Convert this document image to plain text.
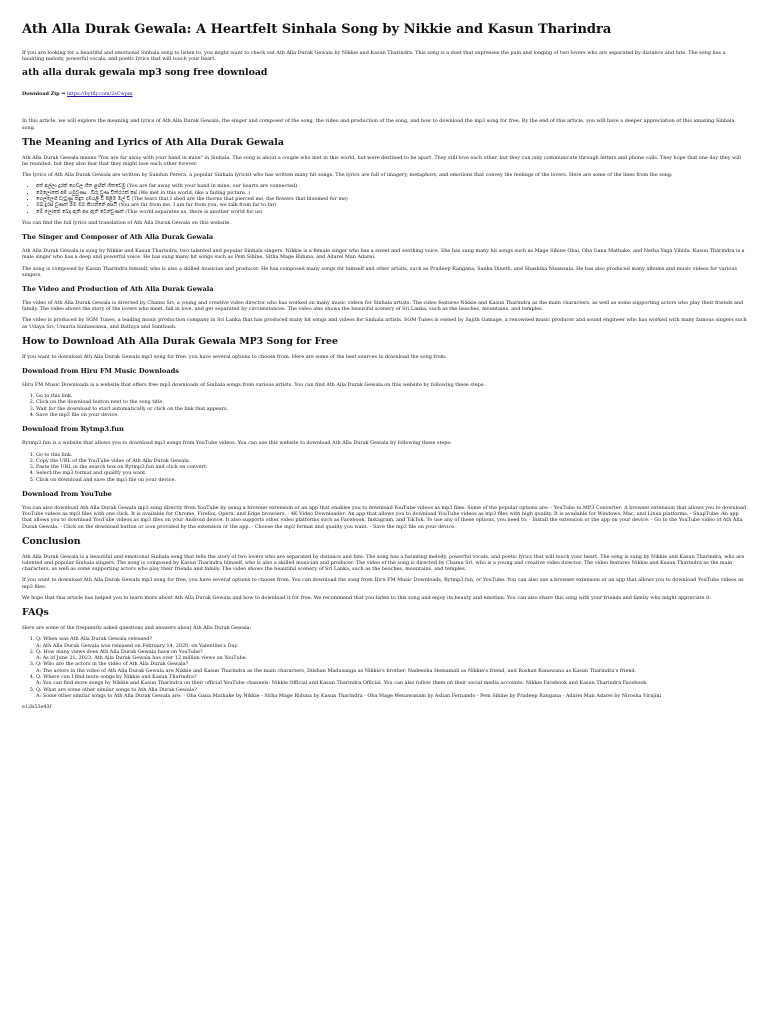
Ath Alla Durak Gewala: A Heartfelt Sinhala Song by Nikkie and Kasun Tharindra

If you are looking for a beautiful and emotional Sinhala song to listen to, you might want to check out Ath Alla Durak Gewala by Nikkie and Kasun Tharindra. This song is a duet that expresses the pain and longing of two lovers who are separated by distance and fate. The song has a haunting melody, powerful vocals, and poetic lyrics that will touch your heart.

ath alla durak gewala mp3 song free download
Download Zip ⇔ https://bytlly.com/2sCwpm

In this article, we will explore the meaning and lyrics of Ath Alla Durak Gewala, the singer and composer of the song, the video and production of the song, and how to download the mp3 song for free. By the end of this article, you will have a deeper appreciation of this amazing Sinhala song.

The Meaning and Lyrics of Ath Alla Durak Gewala

Ath Alla Durak Gewala means "You are far away with your hand in mine" in Sinhala. The song is about a couple who met in this world, but were destined to be apart. They still love each other, but they can only communicate through letters and phone calls. They hope that one day they will be reunited, but they also fear that they might lose each other forever.

The lyrics of Ath Alla Durak Gewala are written by Sundun Perera, a popular Sinhala lyricist who has written many hit songs. The lyrics are full of imagery, metaphors, and emotions that convey the feelings of the lovers. Here are some of the lines from the song:

• අත් අල්ලා දුරක් ගෙවල හිත ළඟින් හිතවෙමු (You are far away with your hand in mine, our hearts are connected)
• මෙලෝකේ අපි හමුවුණා.. විරු වුණ චිත්රයක් සේ (We met in this world, like a fading picture..)
• ගෙල්ලෙහි වැටුණු කඳුළු දඹරැළි වී පිළිම මල් වි (The tears that I shed are the thorns that pierced me, the flowers that bloomed for me)
• ඔබ දුරස් වුණත් මම ඔබ කියන්නේ අසයි (You are far from me, I am far from you, we talk from far to far)
• මේ ලෝකේ බෙදා ඇති අප ඇති වෙන්වුණත් (This world separates us, there is another world for us)

You can find the full lyrics and translation of Ath Alla Durak Gewala on this website.

The Singer and Composer of Ath Alla Durak Gewala

Ath Alla Durak Gewala is sung by Nikkie and Kasun Tharindra, two talented and popular Sinhala singers. Nikkie is a female singer who has a sweet and soothing voice. She has sung many hit songs such as Mage Sihine Obai, Oba Gana Mathake, and Netha Yaga Vihida. Kasun Tharindra is a male singer who has a deep and powerful voice. He has sung many hit songs such as Pem Sihine, Sitha Mage Riduna, and Adarei Man Adarei.

The song is composed by Kasun Tharindra himself, who is also a skilled musician and producer. He has composed many songs for himself and other artists, such as Pradeep Rangana, Sanka Dineth, and Shashika Nisansala. He has also produced many albums and music videos for various singers.

The Video and Production of Ath Alla Durak Gewala

The video of Ath Alla Durak Gewala is directed by Chamu Sri, a young and creative video director who has worked on many music videos for Sinhala artists. The video features Nikkie and Kasun Tharindra as the main characters, as well as some supporting actors who play their friends and family. The video shows the story of the lovers who meet, fall in love, and get separated by circumstances. The video also shows the beautiful scenery of Sri Lanka, such as the beaches, mountains, and temples.

The video is produced by SGM Tunes, a leading music production company in Sri Lanka that has produced many hit songs and videos for Sinhala artists. SGM Tunes is owned by Sajith Gamage, a renowned music producer and sound engineer who has worked with many famous singers such as Udaya Sri, Umaria Sinhawansa, and Bathiya and Santhush.

How to Download Ath Alla Durak Gewala MP3 Song for Free

If you want to download Ath Alla Durak Gewala mp3 song for free, you have several options to choose from. Here are some of the best sources to download the song from:

Download from Hiru FM Music Downloads

Hiru FM Music Downloads is a website that offers free mp3 downloads of Sinhala songs from various artists. You can find Ath Alla Durak Gewala on this website by following these steps:

1. Go to this link.
2. Click on the download button next to the song title.
3. Wait for the download to start automatically or click on the link that appears.
4. Save the mp3 file on your device.
Download from Rytmp3.fun

Rytmp3.fun is a website that allows you to download mp3 songs from YouTube videos. You can use this website to download Ath Alla Durak Gewala by following these steps:

1. Go to this link.
2. Copy the URL of the YouTube video of Ath Alla Durak Gewala.
3. Paste the URL in the search box on Rytmp3.fun and click on convert.
4. Select the mp3 format and quality you want.
5. Click on download and save the mp3 file on your device.
Download from YouTube

You can also download Ath Alla Durak Gewala mp3 song directly from YouTube by using a browser extension or an app that enables you to download YouTube videos as mp3 files. Some of the popular options are: - YouTube to MP3 Converter: A browser extension that allows you to download YouTube videos as mp3 files with one click. It is available for Chrome, Firefox, Opera, and Edge browsers. - 4K Video Downloader: An app that allows you to download YouTube videos as mp3 files with high quality. It is available for Windows, Mac, and Linux platforms. - SnapTube: An app that allows you to download YouTube videos as mp3 files on your Android device. It also supports other video platforms such as Facebook, Instagram, and TikTok. To use any of these options, you need to: - Install the extension or the app on your device. - Go to the YouTube video of Ath Alla Durak Gewala. - Click on the download button or icon provided by the extension or the app. - Choose the mp3 format and quality you want. - Save the mp3 file on your device.

Conclusion

Ath Alla Durak Gewala is a beautiful and emotional Sinhala song that tells the story of two lovers who are separated by distance and fate. The song has a haunting melody, powerful vocals, and poetic lyrics that will touch your heart. The song is sung by Nikkie and Kasun Tharindra, who are talented and popular Sinhala singers. The song is composed by Kasun Tharindra himself, who is also a skilled musician and producer. The video of the song is directed by Chamu Sri, who is a young and creative video director. The video features Nikkie and Kasun Tharindra as the main characters, as well as some supporting actors who play their friends and family. The video shows the beautiful scenery of Sri Lanka, such as the beaches, mountains, and temples.

If you want to download Ath Alla Durak Gewala mp3 song for free, you have several options to choose from. You can download the song from Hiru FM Music Downloads, Rytmp3.fun, or YouTube. You can also use a browser extension or an app that allows you to download YouTube videos as mp3 files.

We hope that this article has helped you to learn more about Ath Alla Durak Gewala and how to download it for free. We recommend that you listen to this song and enjoy its beauty and emotion. You can also share this song with your friends and family who might appreciate it.

FAQs

Here are some of the frequently asked questions and answers about Ath Alla Durak Gewala:

1. Q: When was Ath Alla Durak Gewala released?
A: Ath Alla Durak Gewala was released on February 14, 2020, on Valentine's Day.
2. Q: How many views does Ath Alla Durak Gewala have on YouTube?
A: As of June 21, 2023, Ath Alla Durak Gewala has over 12 million views on YouTube.
3. Q: Who are the actors in the video of Ath Alla Durak Gewala?
A: The actors in the video of Ath Alla Durak Gewala are Nikkie and Kasun Tharindra as the main characters, Dilshan Madusanga as Nikkie's brother, Nadeesha Hemamali as Nikkie's friend, and Roshan Ranawana as Kasun Tharindra's friend.
4. Q: Where can I find more songs by Nikkie and Kasun Tharindra?
A: You can find more songs by Nikkie and Kasun Tharindra on their official YouTube channels: Nikkie Official and Kasun Tharindra Official. You can also follow them on their social media accounts: Nikkie Facebook and Kasun Tharindra Facebook.
5. Q: What are some other similar songs to Ath Alla Durak Gewala?
A: Some other similar songs to Ath Alla Durak Gewala are: - Oba Gana Mathake by Nikkie - Sitha Mage Riduna by Kasun Tharindra - Oba Mage Wenawanam by Ashan Fernando - Pem Sihine by Pradeep Rangana - Adarei Man Adarei by Nirosha Virajini
e12b53e43f
